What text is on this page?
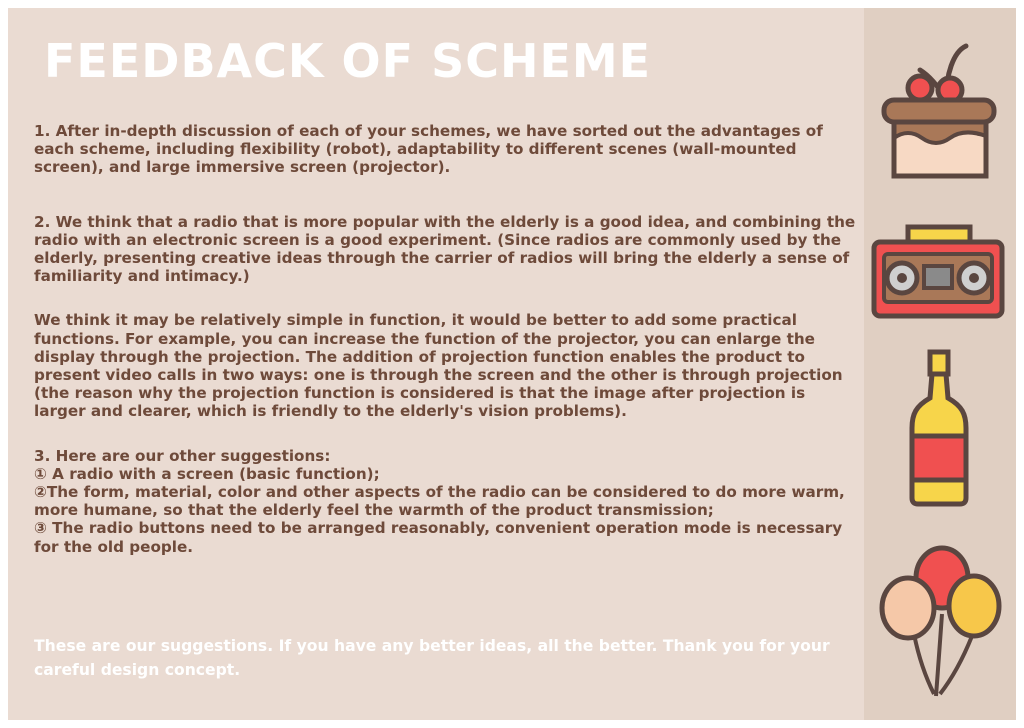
FEEDBACK OF SCHEME

1. After in-depth discussion of each of your schemes, we have sorted out the advantages of each scheme, including flexibility (robot), adaptability to different scenes (wall-mounted screen), and large immersive screen (projector).

2. We think that a radio that is more popular with the elderly is a good idea, and combining the radio with an electronic screen is a good experiment. (Since radios are commonly used by the elderly, presenting creative ideas through the carrier of radios will bring the elderly a sense of familiarity and intimacy.)

We think it may be relatively simple in function, it would be better to add some practical functions. For example, you can increase the function of the projector, you can enlarge the display through the projection. The addition of projection function enables the product to present video calls in two ways: one is through the screen and the other is through projection (the reason why the projection function is considered is that the image after projection is larger and clearer, which is friendly to the elderly's vision problems).

3. Here are our other suggestions:

① A radio with a screen (basic function);

②The form, material, color and other aspects of the radio can be considered to do more warm, more humane, so that the elderly feel the warmth of the product transmission;

③ The radio buttons need to be arranged reasonably, convenient operation mode is necessary for the old people.

These are our suggestions. If you have any better ideas, all the better. Thank you for your careful design concept.
